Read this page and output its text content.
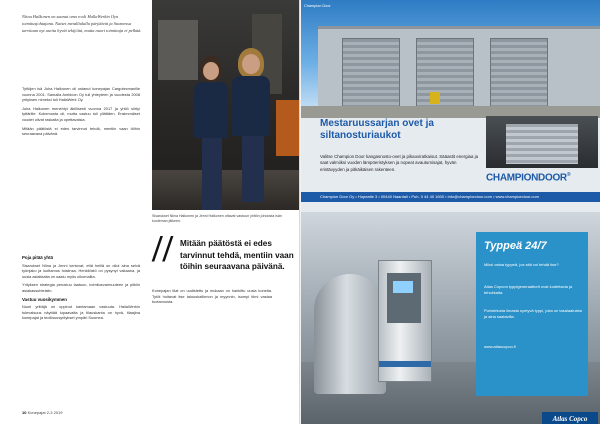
Niina Halkonen on saanut oma rooli HallaWerkin Oyn toimitusjohtajana. Naiset metallialalla pärjäävät ja Suomessa tarvitaan nyt useita hyviä tekijöitä, mutta nuori toimittaja ei pelkää.
Sisarukset Niina Halkonen ja Jenni Halkonen ottavat vastuun yhtiön johdosta isän kuoleman jälkeen.

Tyttöjen isä Juha Halkonen oli ostanut konepajan Cargotecmanille vuonna 2001. Samalla Ambicon Oy tuli yhteyteen ja vuodesta 2008 yrityksen nimeksi tuli HallaWerk Oy.

Juha Halkonen menehtyi äkillisesti vuonna 2017 ja yhtiö siirtyi tyttärille. Kokemusta oli, mutta vastuu tuli yllättäen. Ensimmäiset vuodet olivat raskaita ja opettavaisia.

Mitään päätöstä ei edes tarvinnut tehdä, mentiin vaan töihin seuraavana päivänä.

Poja pitää yhtä

Sisarukset Niina ja Jenni kertovat, että heillä on ollut aina selvä työnjako ja luottamus toisiinsa. Henkilöstö on pysynyt vakaana, ja uusia asiakkaita on saatu myös ulkomailta.

Yrityksen strategia perustuu laatuun, toimitusvarmuuteen ja pitkiin asiakassuhteisiin.

Vastuu vuosikymmen

Nuori yrittäjä on oppinut kantamaan vastuuta. HallaWerkin tulevaisuus näyttää lupaavalta ja tilauskanta on hyvä, tilaajina konepajat ja teollisuusyritykset ympäri Suomea.

// Mitään päätöstä ei edes tarvinnut tehdä, mentiin vaan töihin seuraavana päivänä.

Konepajan tilat on uudistettu ja mukaan on hankittu uusia koneita. Tytöt hoitavat itse taloushallinnon ja myynnin, isompi tiimi vastaa tuotannosta.

10 Konepajat 2-3 2019
Champion Door
Mestaruussarjan ovet ja siltanosturiaukot
Valitse Champion Door kangasnosto-ovet ja pikaoviratkaisut. Sääastit energiaa ja saat valmiiksi vuoden lämpöeristyksen ja nopeat avautumisajat, hyvän eristävyyden ja pitkäikäisen rakenteen.
CHAMPIONDOOR®
Champion Door Oy • Hopeatie 3 • 00440 Naantali • Puh. 0 44 40 1600 • info@championdoor.com • www.championdoor.com
Typpeä 24/7
Miksi ostaa typpeä, jos sitä voi tehdä itse?
Atlas Copcon typpigeneraattorit ovat luotettavia ja tehokkaita.
Puristetusta ilmasta syntyvä typpi, joka on tasalaatuista ja aina saatavilla.
www.atlascopco.fi
Atlas Copco
